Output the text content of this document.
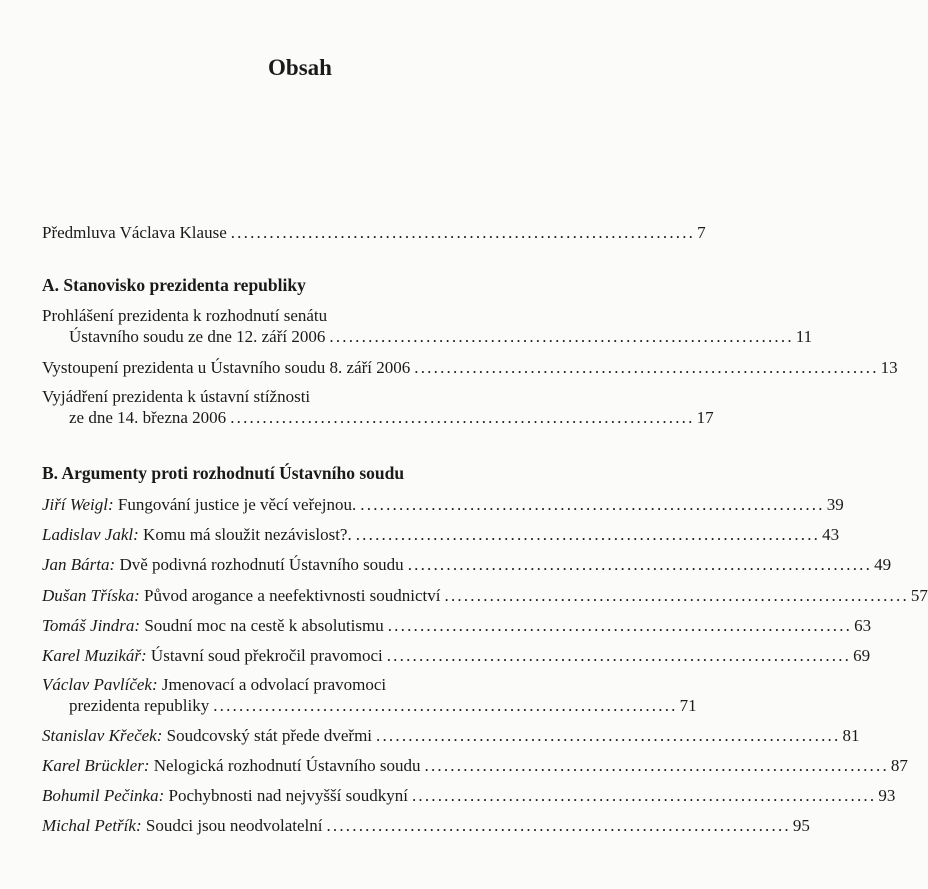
Obsah
Předmluva Václava Klause ........................................................................ 7
A. Stanovisko prezidenta republiky
Prohlášení prezidenta k rozhodnutí senátu
Ústavního soudu ze dne 12. září 2006 ........................................................................ 11
Vystoupení prezidenta u Ústavního soudu 8. září 2006 ........................................................................ 13
Vyjádření prezidenta k ústavní stížnosti
ze dne 14. března 2006 ........................................................................ 17
B. Argumenty proti rozhodnutí Ústavního soudu
Jiří Weigl: Fungování justice je věcí veřejnou. ........................................................................ 39
Ladislav Jakl: Komu má sloužit nezávislost?. ........................................................................ 43
Jan Bárta: Dvě podivná rozhodnutí Ústavního soudu ........................................................................ 49
Dušan Tříska: Původ arogance a neefektivnosti soudnictví ........................................................................ 57
Tomáš Jindra: Soudní moc na cestě k absolutismu ........................................................................ 63
Karel Muzikář: Ústavní soud překročil pravomoci ........................................................................ 69
Václav Pavlíček: Jmenovací a odvolací pravomoci
prezidenta republiky ........................................................................ 71
Stanislav Křeček: Soudcovský stát přede dveřmi ........................................................................ 81
Karel Brückler: Nelogická rozhodnutí Ústavního soudu ........................................................................ 87
Bohumil Pečinka: Pochybnosti nad nejvyšší soudkyní ........................................................................ 93
Michal Petřík: Soudci jsou neodvolatelní ........................................................................ 95
